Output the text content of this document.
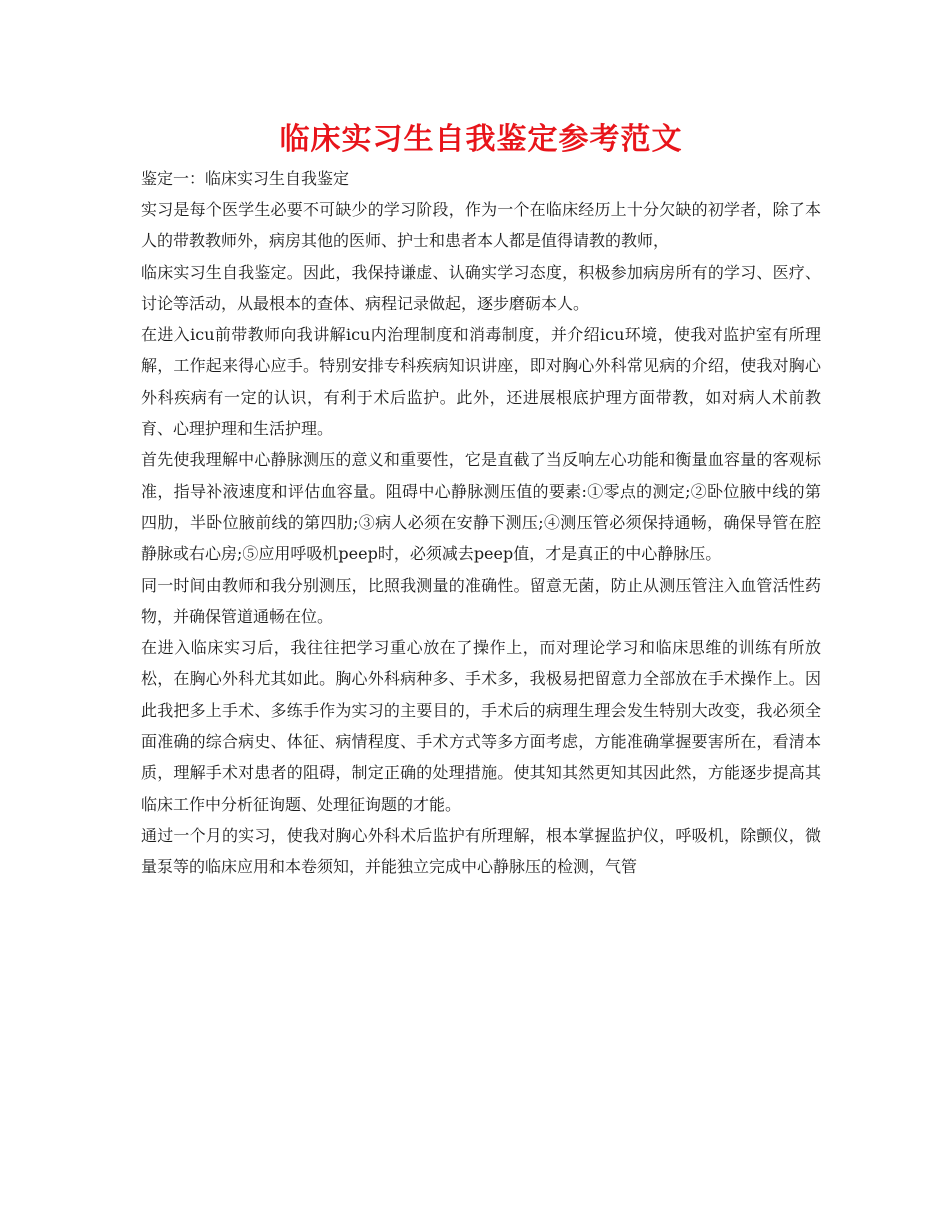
临床实习生自我鉴定参考范文

鉴定一：临床实习生自我鉴定

实习是每个医学生必要不可缺少的学习阶段，作为一个在临床经历上十分欠缺的初学者，除了本人的带教教师外，病房其他的医师、护士和患者本人都是值得请教的教师，

临床实习生自我鉴定。因此，我保持谦虚、认确实学习态度，积极参加病房所有的学习、医疗、讨论等活动，从最根本的查体、病程记录做起，逐步磨砺本人。

在进入icu前带教师向我讲解icu内治理制度和消毒制度，并介绍icu环境，使我对监护室有所理解，工作起来得心应手。特别安排专科疾病知识讲座，即对胸心外科常见病的介绍，使我对胸心外科疾病有一定的认识，有利于术后监护。此外，还进展根底护理方面带教，如对病人术前教育、心理护理和生活护理。

首先使我理解中心静脉测压的意义和重要性，它是直截了当反响左心功能和衡量血容量的客观标准，指导补液速度和评估血容量。阻碍中心静脉测压值的要素:①零点的测定;②卧位腋中线的第四肋，半卧位腋前线的第四肋;③病人必须在安静下测压;④测压管必须保持通畅，确保导管在腔静脉或右心房;⑤应用呼吸机peep时，必须减去peep值，才是真正的中心静脉压。

同一时间由教师和我分别测压，比照我测量的准确性。留意无菌，防止从测压管注入血管活性药物，并确保管道通畅在位。

在进入临床实习后，我往往把学习重心放在了操作上，而对理论学习和临床思维的训练有所放松，在胸心外科尤其如此。胸心外科病种多、手术多，我极易把留意力全部放在手术操作上。因此我把多上手术、多练手作为实习的主要目的，手术后的病理生理会发生特别大改变，我必须全面准确的综合病史、体征、病情程度、手术方式等多方面考虑，方能准确掌握要害所在，看清本质，理解手术对患者的阻碍，制定正确的处理措施。使其知其然更知其因此然，方能逐步提高其临床工作中分析征询题、处理征询题的才能。

通过一个月的实习，使我对胸心外科术后监护有所理解，根本掌握监护仪，呼吸机，除颤仪，微量泵等的临床应用和本卷须知，并能独立完成中心静脉压的检测，气管
